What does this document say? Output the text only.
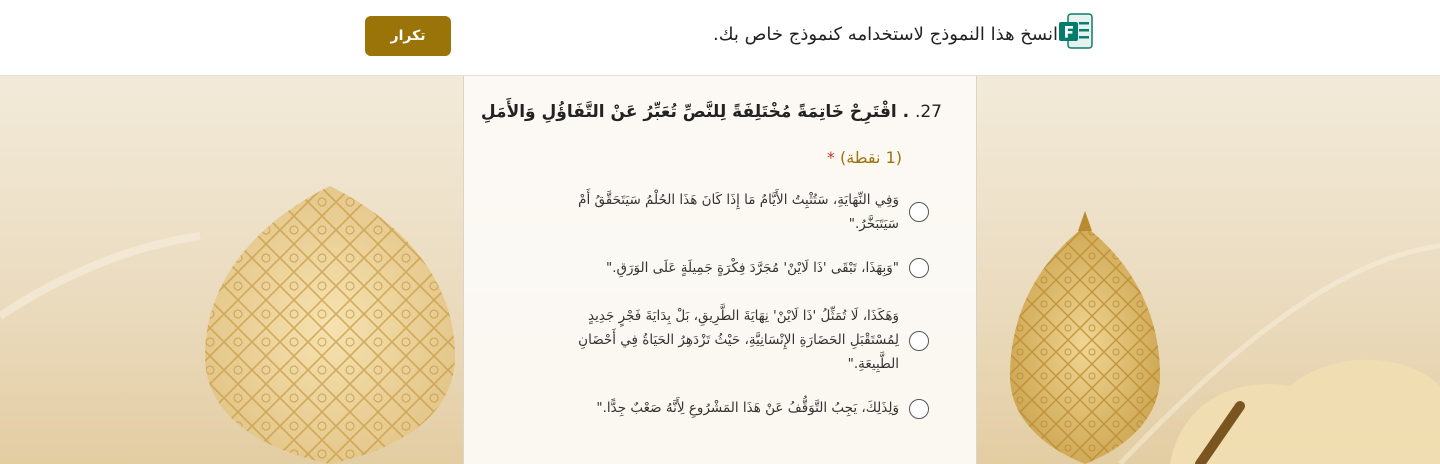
تكرار	انسخ هذا النموذج لاستخدامه كنموذج خاص بك.
27. . اقْتَرِحْ خَاتِمَةً مُخْتَلِفَةً لِلنَّصِّ تُعَبِّرُ عَنْ التَّفَاؤُلِ وَالأَمَلِ
(1 نقطة) *
وَفِي النِّهَايَةِ، سَتُثْبِتُ الأَيَّامُ مَا إِذَا كَانَ هَذَا الحُلْمُ سَيَتَحَقَّقُ أَمْ سَيَتَبَخَّرُ."
"وَبِهَذَا، تَبْقَى 'ذَا لَايْنْ' مُجَرَّدَ فِكْرَةٍ جَمِيلَةٍ عَلَى الوَرَقِ."
وَهَكَذَا، لَا تُمَثِّلُ 'ذَا لَايْنْ' نِهَايَةَ الطَّرِيقِ، بَلْ بِدَايَةَ فَجْرٍ جَدِيدٍ لِمُسْتَقْبَلِ الحَضَارَةِ الإِنْسَانِيَّةِ، حَيْثُ تَزْدَهِرُ الحَيَاةُ فِي أَحْضَانِ الطَّبِيعَةِ."
وَلِذَلِكَ، يَجِبُ التَّوَقُّفُ عَنْ هَذَا المَشْرُوعِ لِأَنَّهُ صَعْبٌ جِدًّا."
